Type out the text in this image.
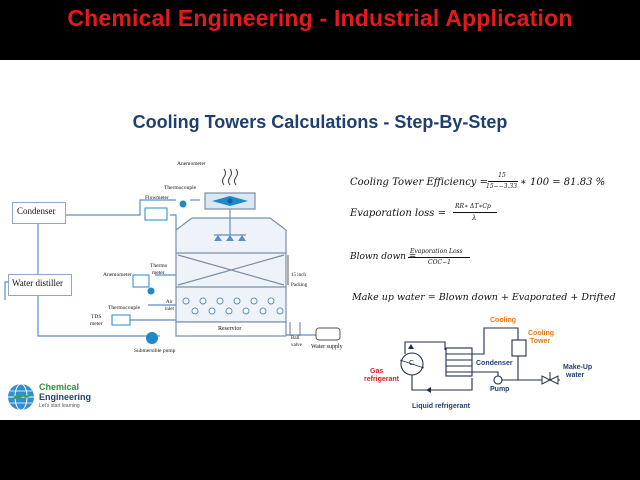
Chemical Engineering - Industrial Application
Cooling Towers Calculations - Step-By-Step
Condenser
Water distiller
Anemometer
Thermocouple
Flowmeter
Anemometer
Thermo
meter
Thermocouple
TDS
meter
Air
inlet
15 inch
Packing
Reservior
Submersible pump
Ball
valve Water supply
Cooling Tower Efficiency =
15
15−−3.33 ∗ 100 = 81.83 %
Evaporation loss =
RR∗ ΔT∗Cp
λ
Blown down =
Evaporation Loss
COC−1
Make up water = Blown down + Evaporated + Drifted
Cooling
Cooling
Tower
Gas
refrigerant
C	Condenser
Make-Up
water
Pump
Liquid refrigerant
Chemical
Engineering
Let's start learning
